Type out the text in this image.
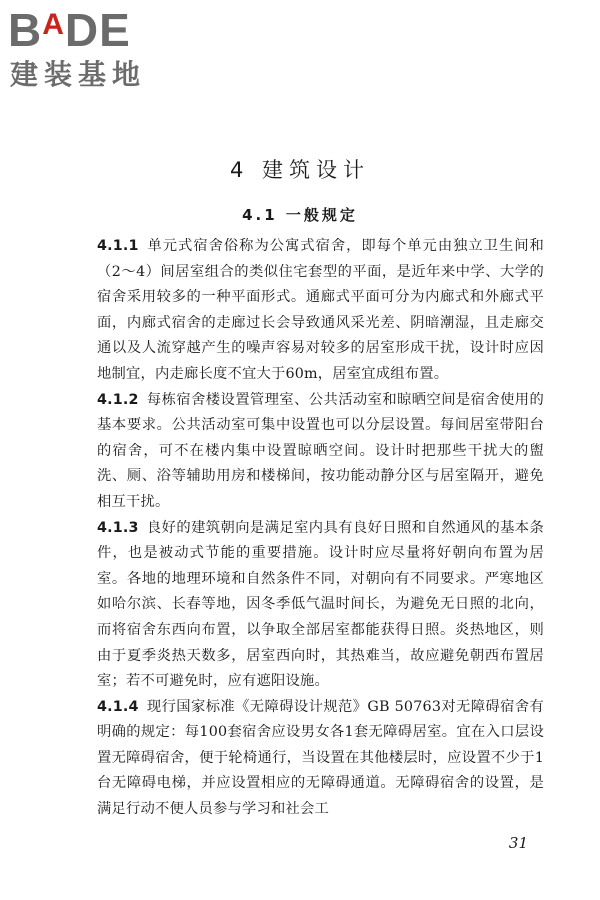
$B^ADE$
建装基地
4 建筑设计
4.1 一般规定

4.1.1 单元式宿舍俗称为公寓式宿舍，即每个单元由独立卫生间和（2～4）间居室组合的类似住宅套型的平面，是近年来中学、大学的宿舍采用较多的一种平面形式。通廊式平面可分为内廊式和外廊式平面，内廊式宿舍的走廊过长会导致通风采光差、阴暗潮湿，且走廊交通以及人流穿越产生的噪声容易对较多的居室形成干扰，设计时应因地制宜，内走廊长度不宜大于60m，居室宜成组布置。

4.1.2 每栋宿舍楼设置管理室、公共活动室和晾晒空间是宿舍使用的基本要求。公共活动室可集中设置也可以分层设置。每间居室带阳台的宿舍，可不在楼内集中设置晾晒空间。设计时把那些干扰大的盥洗、厕、浴等辅助用房和楼梯间，按功能动静分区与居室隔开，避免相互干扰。

4.1.3 良好的建筑朝向是满足室内具有良好日照和自然通风的基本条件，也是被动式节能的重要措施。设计时应尽量将好朝向布置为居室。各地的地理环境和自然条件不同，对朝向有不同要求。严寒地区如哈尔滨、长春等地，因冬季低气温时间长，为避免无日照的北向，而将宿舍东西向布置，以争取全部居室都能获得日照。炎热地区，则由于夏季炎热天数多，居室西向时，其热难当，故应避免朝西布置居室；若不可避免时，应有遮阳设施。

4.1.4 现行国家标准《无障碍设计规范》GB 50763对无障碍宿舍有明确的规定：每100套宿舍应设男女各1套无障碍居室。宜在入口层设置无障碍宿舍，便于轮椅通行，当设置在其他楼层时，应设置不少于1台无障碍电梯，并应设置相应的无障碍通道。无障碍宿舍的设置，是满足行动不便人员参与学习和社会工

31
